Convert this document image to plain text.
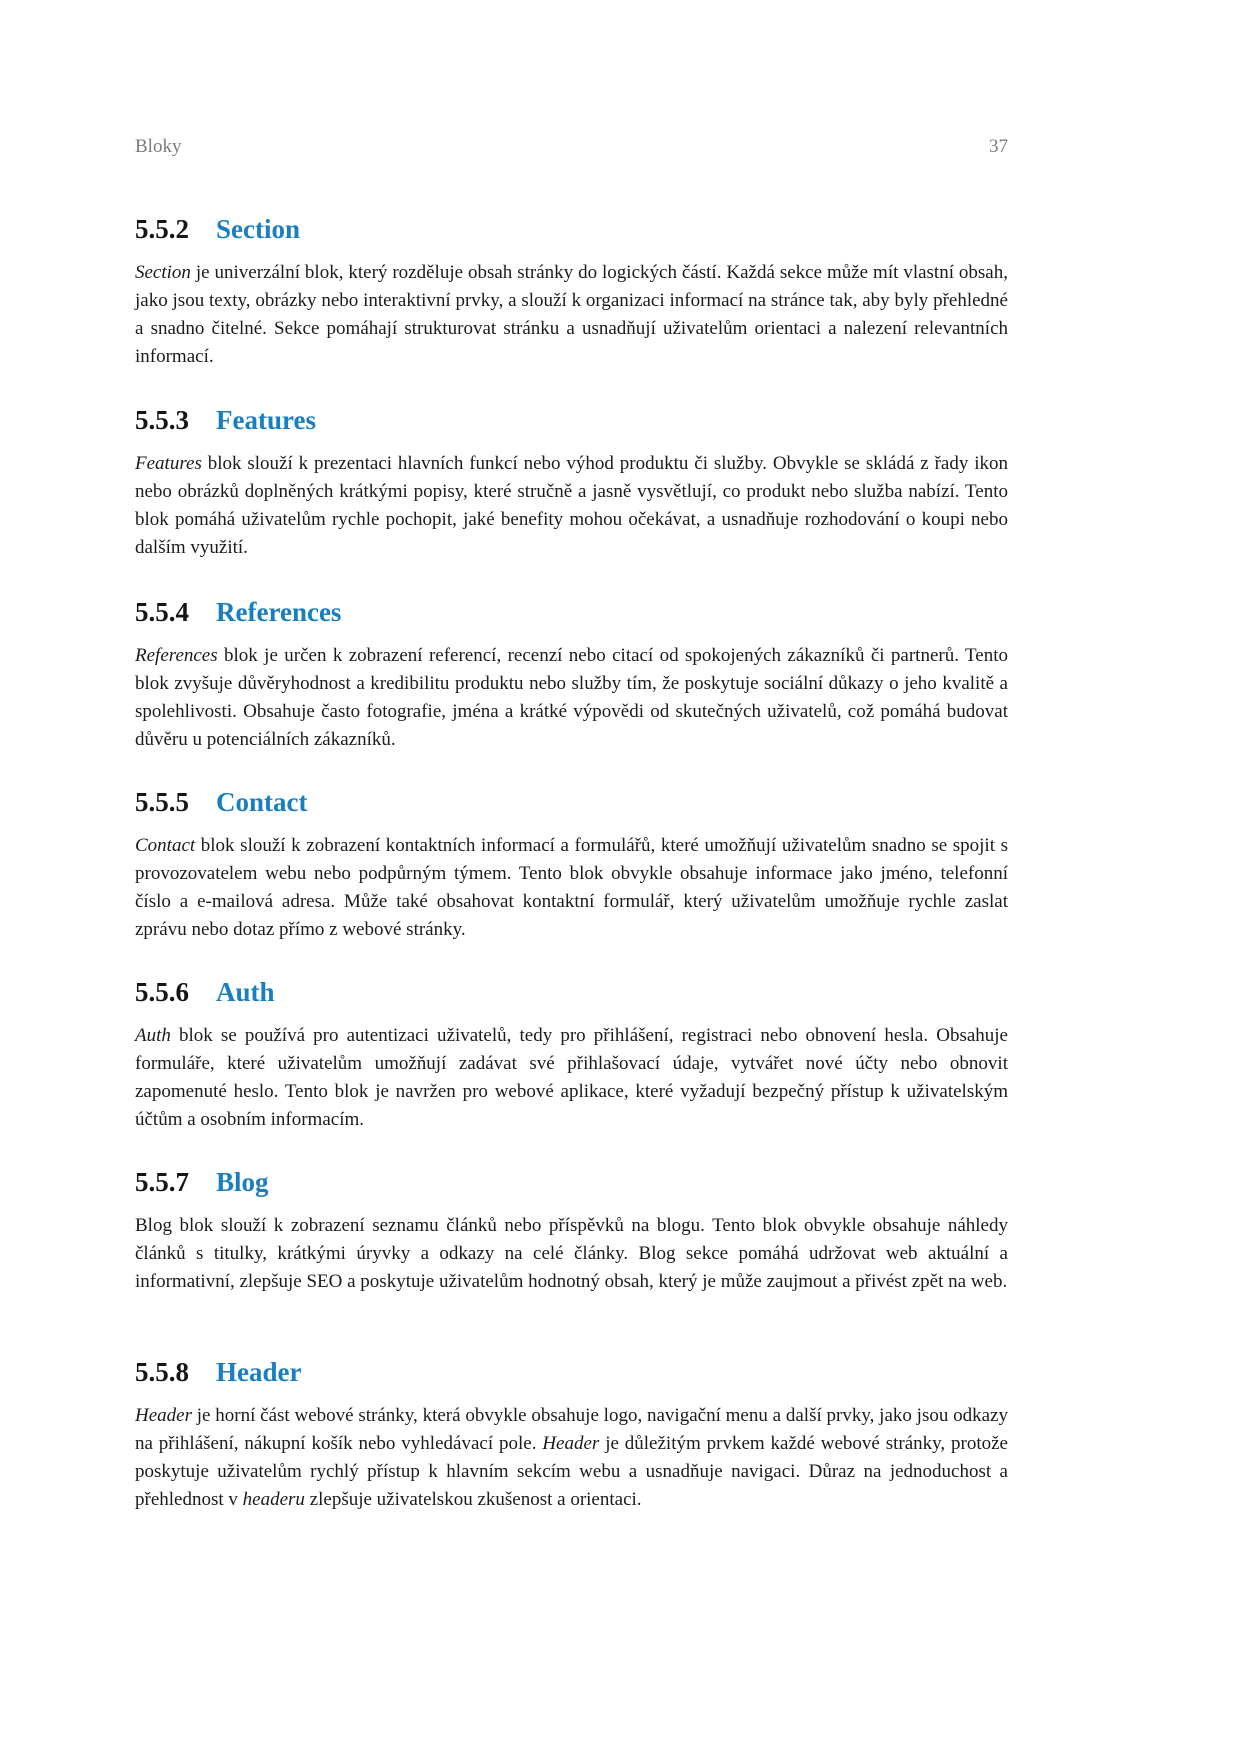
Bloky	37
5.5.2 Section

Section je univerzální blok, který rozděluje obsah stránky do logických částí. Každá sekce může mít vlastní obsah, jako jsou texty, obrázky nebo interaktivní prvky, a slouží k organizaci informací na stránce tak, aby byly přehledné a snadno čitelné. Sekce pomáhají strukturovat stránku a usnadňují uživatelům orientaci a nalezení relevantních informací.

5.5.3 Features

Features blok slouží k prezentaci hlavních funkcí nebo výhod produktu či služby. Obvykle se skládá z řady ikon nebo obrázků doplněných krátkými popisy, které stručně a jasně vysvětlují, co produkt nebo služba nabízí. Tento blok pomáhá uživatelům rychle pochopit, jaké benefity mohou očekávat, a usnadňuje rozhodování o koupi nebo dalším využití.

5.5.4 References

References blok je určen k zobrazení referencí, recenzí nebo citací od spokojených zákazníků či partnerů. Tento blok zvyšuje důvěryhodnost a kredibilitu produktu nebo služby tím, že poskytuje sociální důkazy o jeho kvalitě a spolehlivosti. Obsahuje často fotografie, jména a krátké výpovědi od skutečných uživatelů, což pomáhá budovat důvěru u potenciálních zákazníků.

5.5.5 Contact

Contact blok slouží k zobrazení kontaktních informací a formulářů, které umožňují uživatelům snadno se spojit s provozovatelem webu nebo podpůrným týmem. Tento blok obvykle obsahuje informace jako jméno, telefonní číslo a e-mailová adresa. Může také obsahovat kontaktní formulář, který uživatelům umožňuje rychle zaslat zprávu nebo dotaz přímo z webové stránky.

5.5.6 Auth

Auth blok se používá pro autentizaci uživatelů, tedy pro přihlášení, registraci nebo obnovení hesla. Obsahuje formuláře, které uživatelům umožňují zadávat své přihlašovací údaje, vytvářet nové účty nebo obnovit zapomenuté heslo. Tento blok je navržen pro webové aplikace, které vyžadují bezpečný přístup k uživatelským účtům a osobním informacím.

5.5.7 Blog

Blog blok slouží k zobrazení seznamu článků nebo příspěvků na blogu. Tento blok obvykle obsahuje náhledy článků s titulky, krátkými úryvky a odkazy na celé články. Blog sekce pomáhá udržovat web aktuální a informativní, zlepšuje SEO a poskytuje uživatelům hodnotný obsah, který je může zaujmout a přivést zpět na web.

5.5.8 Header

Header je horní část webové stránky, která obvykle obsahuje logo, navigační menu a další prvky, jako jsou odkazy na přihlášení, nákupní košík nebo vyhledávací pole. Header je důležitým prvkem každé webové stránky, protože poskytuje uživatelům rychlý přístup k hlavním sekcím webu a usnadňuje navigaci. Důraz na jednoduchost a přehlednost v headeru zlepšuje uživatelskou zkušenost a orientaci.
